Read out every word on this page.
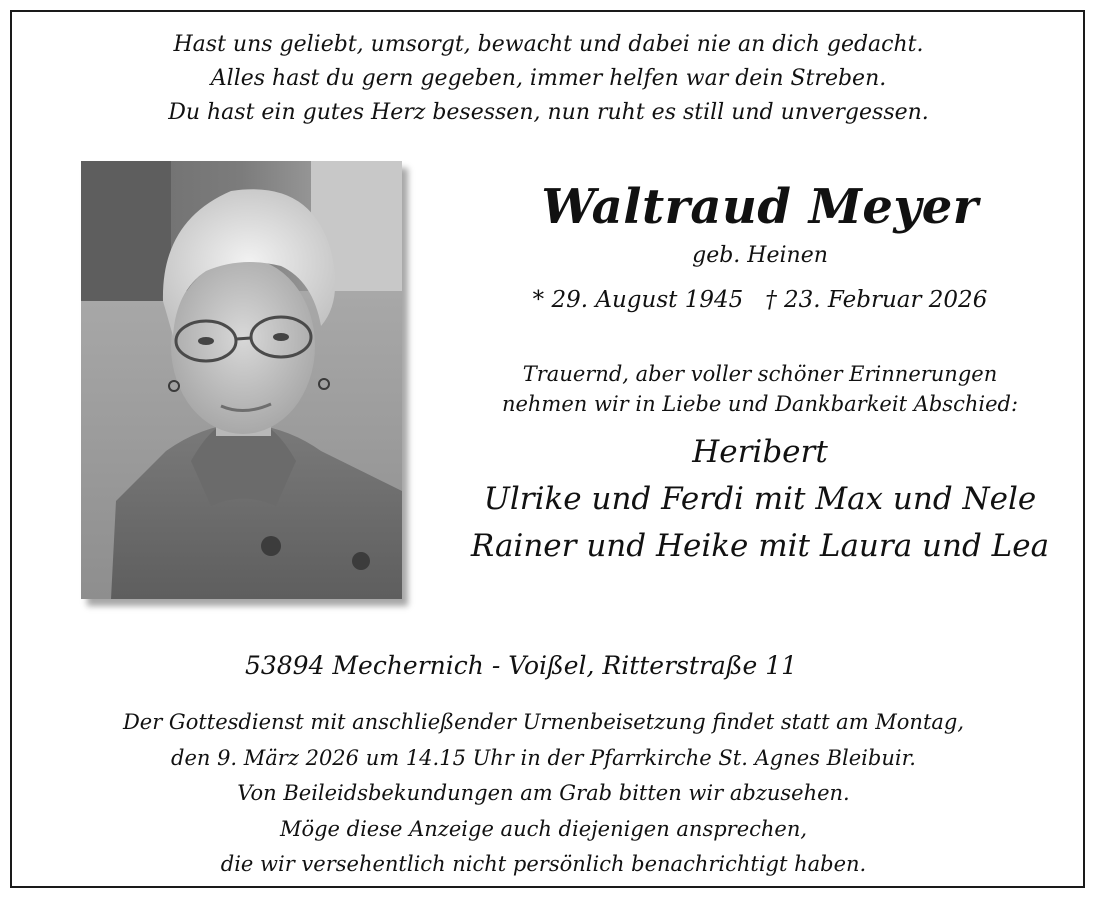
Hast uns geliebt, umsorgt, bewacht und dabei nie an dich gedacht.
Alles hast du gern gegeben, immer helfen war dein Streben.
Du hast ein gutes Herz besessen, nun ruht es still und unvergessen.
Waltraud Meyer
geb. Heinen
* 29. August 1945 † 23. Februar 2026
Trauernd, aber voller schöner Erinnerungen
nehmen wir in Liebe und Dankbarkeit Abschied:
Heribert
Ulrike und Ferdi mit Max und Nele
Rainer und Heike mit Laura und Lea
53894 Mechernich - Voißel, Ritterstraße 11
Der Gottesdienst mit anschließender Urnenbeisetzung findet statt am Montag,
den 9. März 2026 um 14.15 Uhr in der Pfarrkirche St. Agnes Bleibuir.
Von Beileidsbekundungen am Grab bitten wir abzusehen.
Möge diese Anzeige auch diejenigen ansprechen,
die wir versehentlich nicht persönlich benachrichtigt haben.
